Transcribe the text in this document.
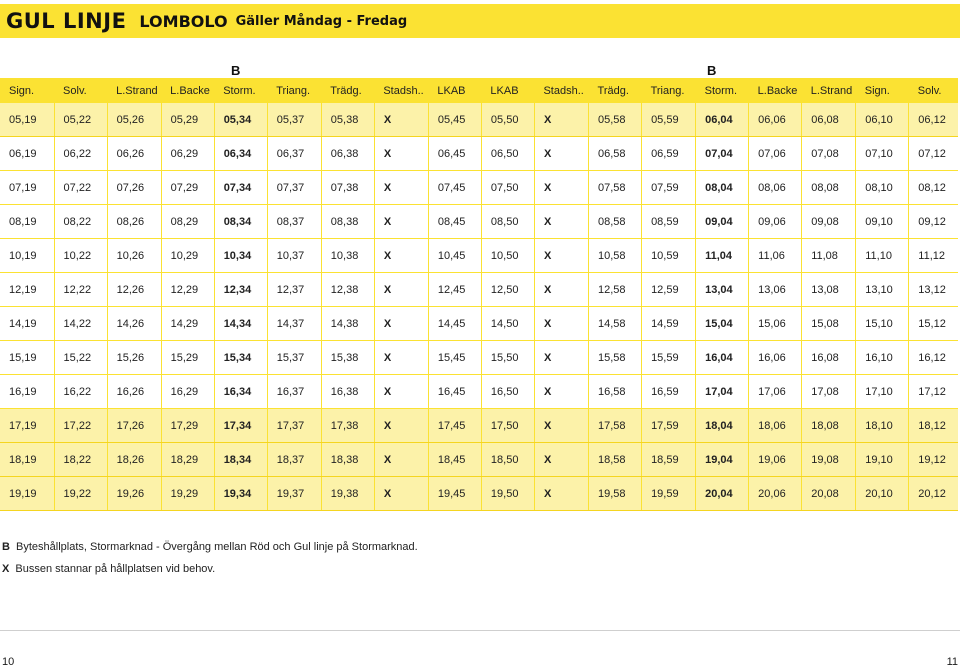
GUL LINJE LOMBOLO Gäller Måndag - Fredag
B	B
Sign.	Solv.	L.Strand	L.Backe	Storm.	Triang.	Trädg.	Stadsh..	LKAB	LKAB	Stadsh..	Trädg.	Triang.	Storm.	L.Backe	L.Strand	Sign.	Solv.
05,19	05,22	05,26	05,29	05,34	05,37	05,38	X	05,45	05,50	X	05,58	05,59	06,04	06,06	06,08	06,10	06,12
06,19	06,22	06,26	06,29	06,34	06,37	06,38	X	06,45	06,50	X	06,58	06,59	07,04	07,06	07,08	07,10	07,12
07,19	07,22	07,26	07,29	07,34	07,37	07,38	X	07,45	07,50	X	07,58	07,59	08,04	08,06	08,08	08,10	08,12
08,19	08,22	08,26	08,29	08,34	08,37	08,38	X	08,45	08,50	X	08,58	08,59	09,04	09,06	09,08	09,10	09,12
10,19	10,22	10,26	10,29	10,34	10,37	10,38	X	10,45	10,50	X	10,58	10,59	11,04	11,06	11,08	11,10	11,12
12,19	12,22	12,26	12,29	12,34	12,37	12,38	X	12,45	12,50	X	12,58	12,59	13,04	13,06	13,08	13,10	13,12
14,19	14,22	14,26	14,29	14,34	14,37	14,38	X	14,45	14,50	X	14,58	14,59	15,04	15,06	15,08	15,10	15,12
15,19	15,22	15,26	15,29	15,34	15,37	15,38	X	15,45	15,50	X	15,58	15,59	16,04	16,06	16,08	16,10	16,12
16,19	16,22	16,26	16,29	16,34	16,37	16,38	X	16,45	16,50	X	16,58	16,59	17,04	17,06	17,08	17,10	17,12
17,19	17,22	17,26	17,29	17,34	17,37	17,38	X	17,45	17,50	X	17,58	17,59	18,04	18,06	18,08	18,10	18,12
18,19	18,22	18,26	18,29	18,34	18,37	18,38	X	18,45	18,50	X	18,58	18,59	19,04	19,06	19,08	19,10	19,12
19,19	19,22	19,26	19,29	19,34	19,37	19,38	X	19,45	19,50	X	19,58	19,59	20,04	20,06	20,08	20,10	20,12
B Byteshållplats, Stormarknad - Övergång mellan Röd och Gul linje på Stormarknad.
X Bussen stannar på hållplatsen vid behov.
10	11
